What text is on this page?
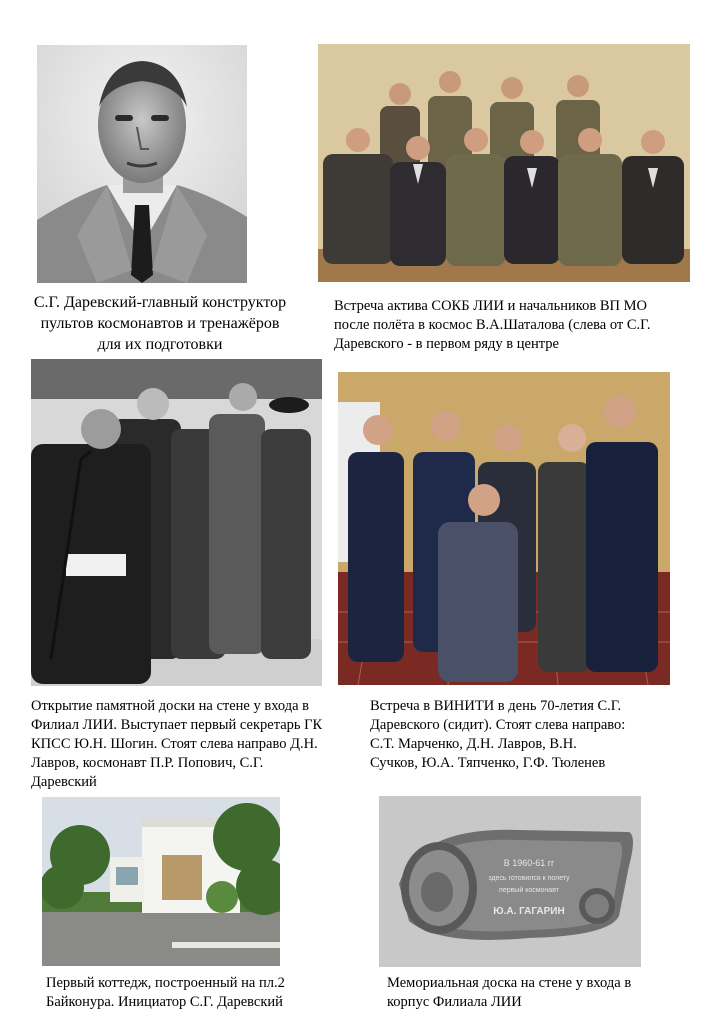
С.Г. Даревский-главный конструктор
пультов космонавтов и тренажёров
для их подготовки
Встреча актива СОКБ ЛИИ и начальников ВП МО
после полёта в космос В.А.Шаталова (слева от С.Г.
Даревского - в первом ряду в центре
Открытие памятной доски на стене у входа в
Филиал ЛИИ. Выступает первый секретарь ГК
КПСС Ю.Н. Шогин. Стоят слева направо Д.Н.
Лавров, космонавт П.Р. Попович, С.Г.
Даревский
Встреча в ВИНИТИ в день 70-летия С.Г.
Даревского (сидит). Стоят слева направо:
С.Т. Марченко, Д.Н. Лавров, В.Н.
Сучков, Ю.А. Тяпченко, Г.Ф. Тюленев
В 1960-61 гг
здесь готовился к полету
первый космонавт
Ю.А. ГАГАРИН
Первый коттедж, построенный на пл.2
Байконура. Инициатор С.Г. Даревский
Мемориальная доска на стене у входа в
корпус Филиала ЛИИ
